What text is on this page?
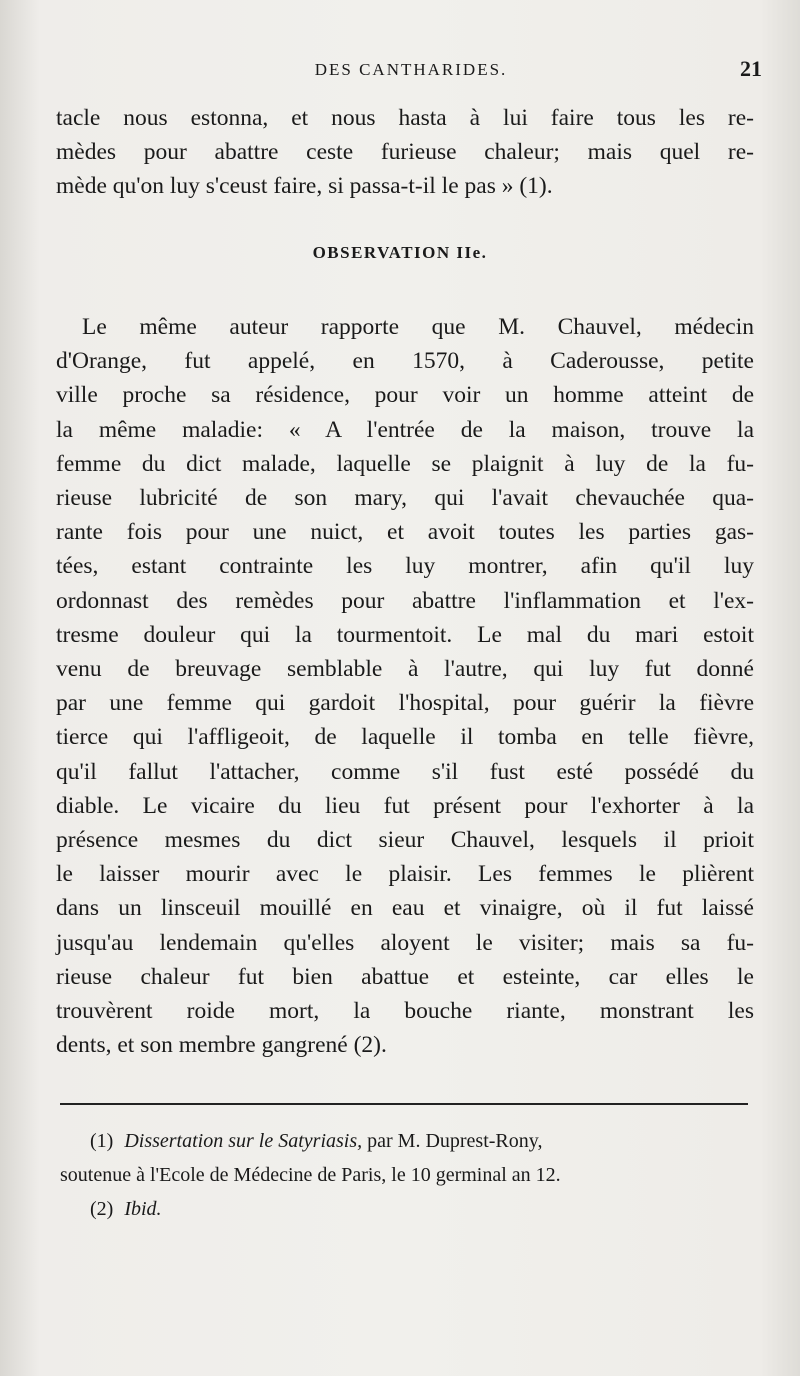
DES CANTHARIDES.	21
tacle nous estonna, et nous hasta à lui faire tous les re-
mèdes pour abattre ceste furieuse chaleur; mais quel re-
mède qu'on luy s'ceust faire, si passa-t-il le pas » (1).
OBSERVATION IIe.
Le même auteur rapporte que M. Chauvel, médecin
d'Orange, fut appelé, en 1570, à Caderousse, petite
ville proche sa résidence, pour voir un homme atteint de
la même maladie: « A l'entrée de la maison, trouve la
femme du dict malade, laquelle se plaignit à luy de la fu-
rieuse lubricité de son mary, qui l'avait chevauchée qua-
rante fois pour une nuict, et avoit toutes les parties gas-
tées, estant contrainte les luy montrer, afin qu'il luy
ordonnast des remèdes pour abattre l'inflammation et l'ex-
tresme douleur qui la tourmentoit. Le mal du mari estoit
venu de breuvage semblable à l'autre, qui luy fut donné
par une femme qui gardoit l'hospital, pour guérir la fièvre
tierce qui l'affligeoit, de laquelle il tomba en telle fièvre,
qu'il fallut l'attacher, comme s'il fust esté possédé du
diable. Le vicaire du lieu fut présent pour l'exhorter à la
présence mesmes du dict sieur Chauvel, lesquels il prioit
le laisser mourir avec le plaisir. Les femmes le plièrent
dans un linsceuil mouillé en eau et vinaigre, où il fut laissé
jusqu'au lendemain qu'elles aloyent le visiter; mais sa fu-
rieuse chaleur fut bien abattue et esteinte, car elles le
trouvèrent roide mort, la bouche riante, monstrant les
dents, et son membre gangrené (2).
(1) Dissertation sur le Satyriasis, par M. Duprest-Rony,
soutenue à l'Ecole de Médecine de Paris, le 10 germinal an 12.
(2) Ibid.
